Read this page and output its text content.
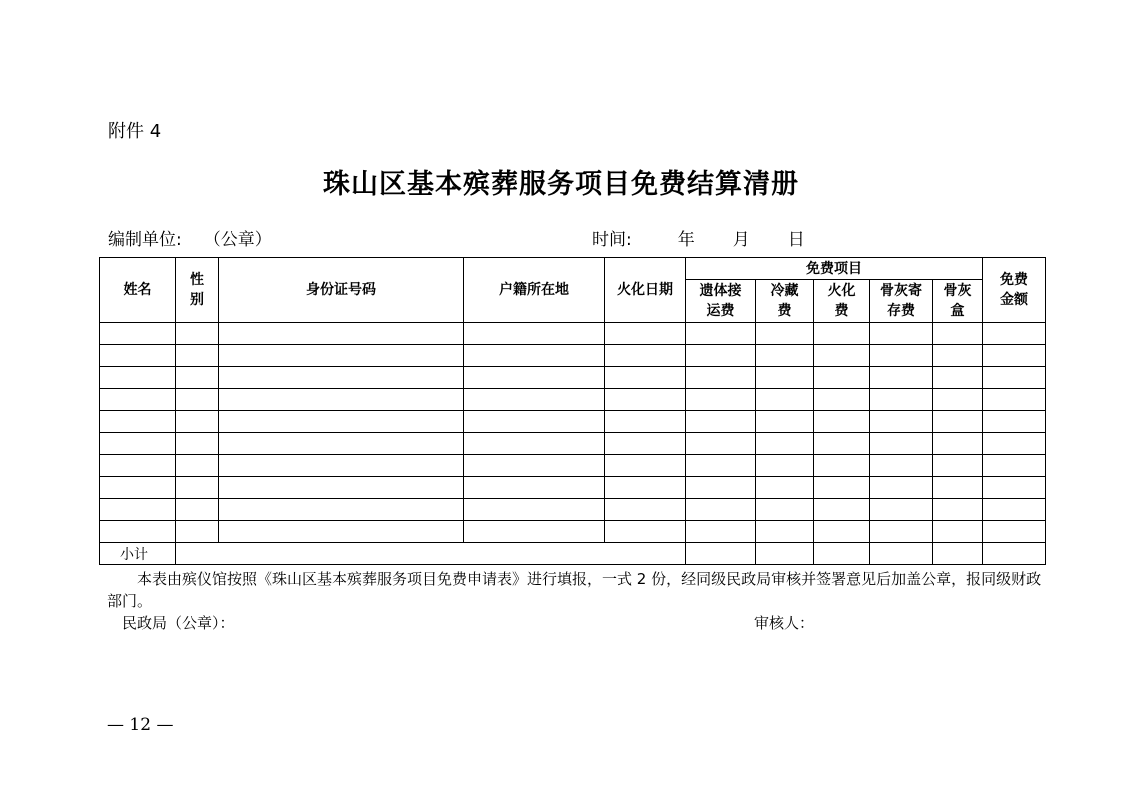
附件 4
珠山区基本殡葬服务项目免费结算清册
编制单位: （公章）	时间:	年 月 日
姓名	性别	身份证号码	户籍所在地	火化日期	免费项目					免费金额

					遗体接运费	冷藏费	火化费	骨灰寄存费	骨灰盒	

小计										
本表由殡仪馆按照《珠山区基本殡葬服务项目免费申请表》进行填报，一式 2 份，经同级民政局审核并签署意见后加盖公章，报同级财政部门。
民政局（公章）：	审核人：
— 12 —
